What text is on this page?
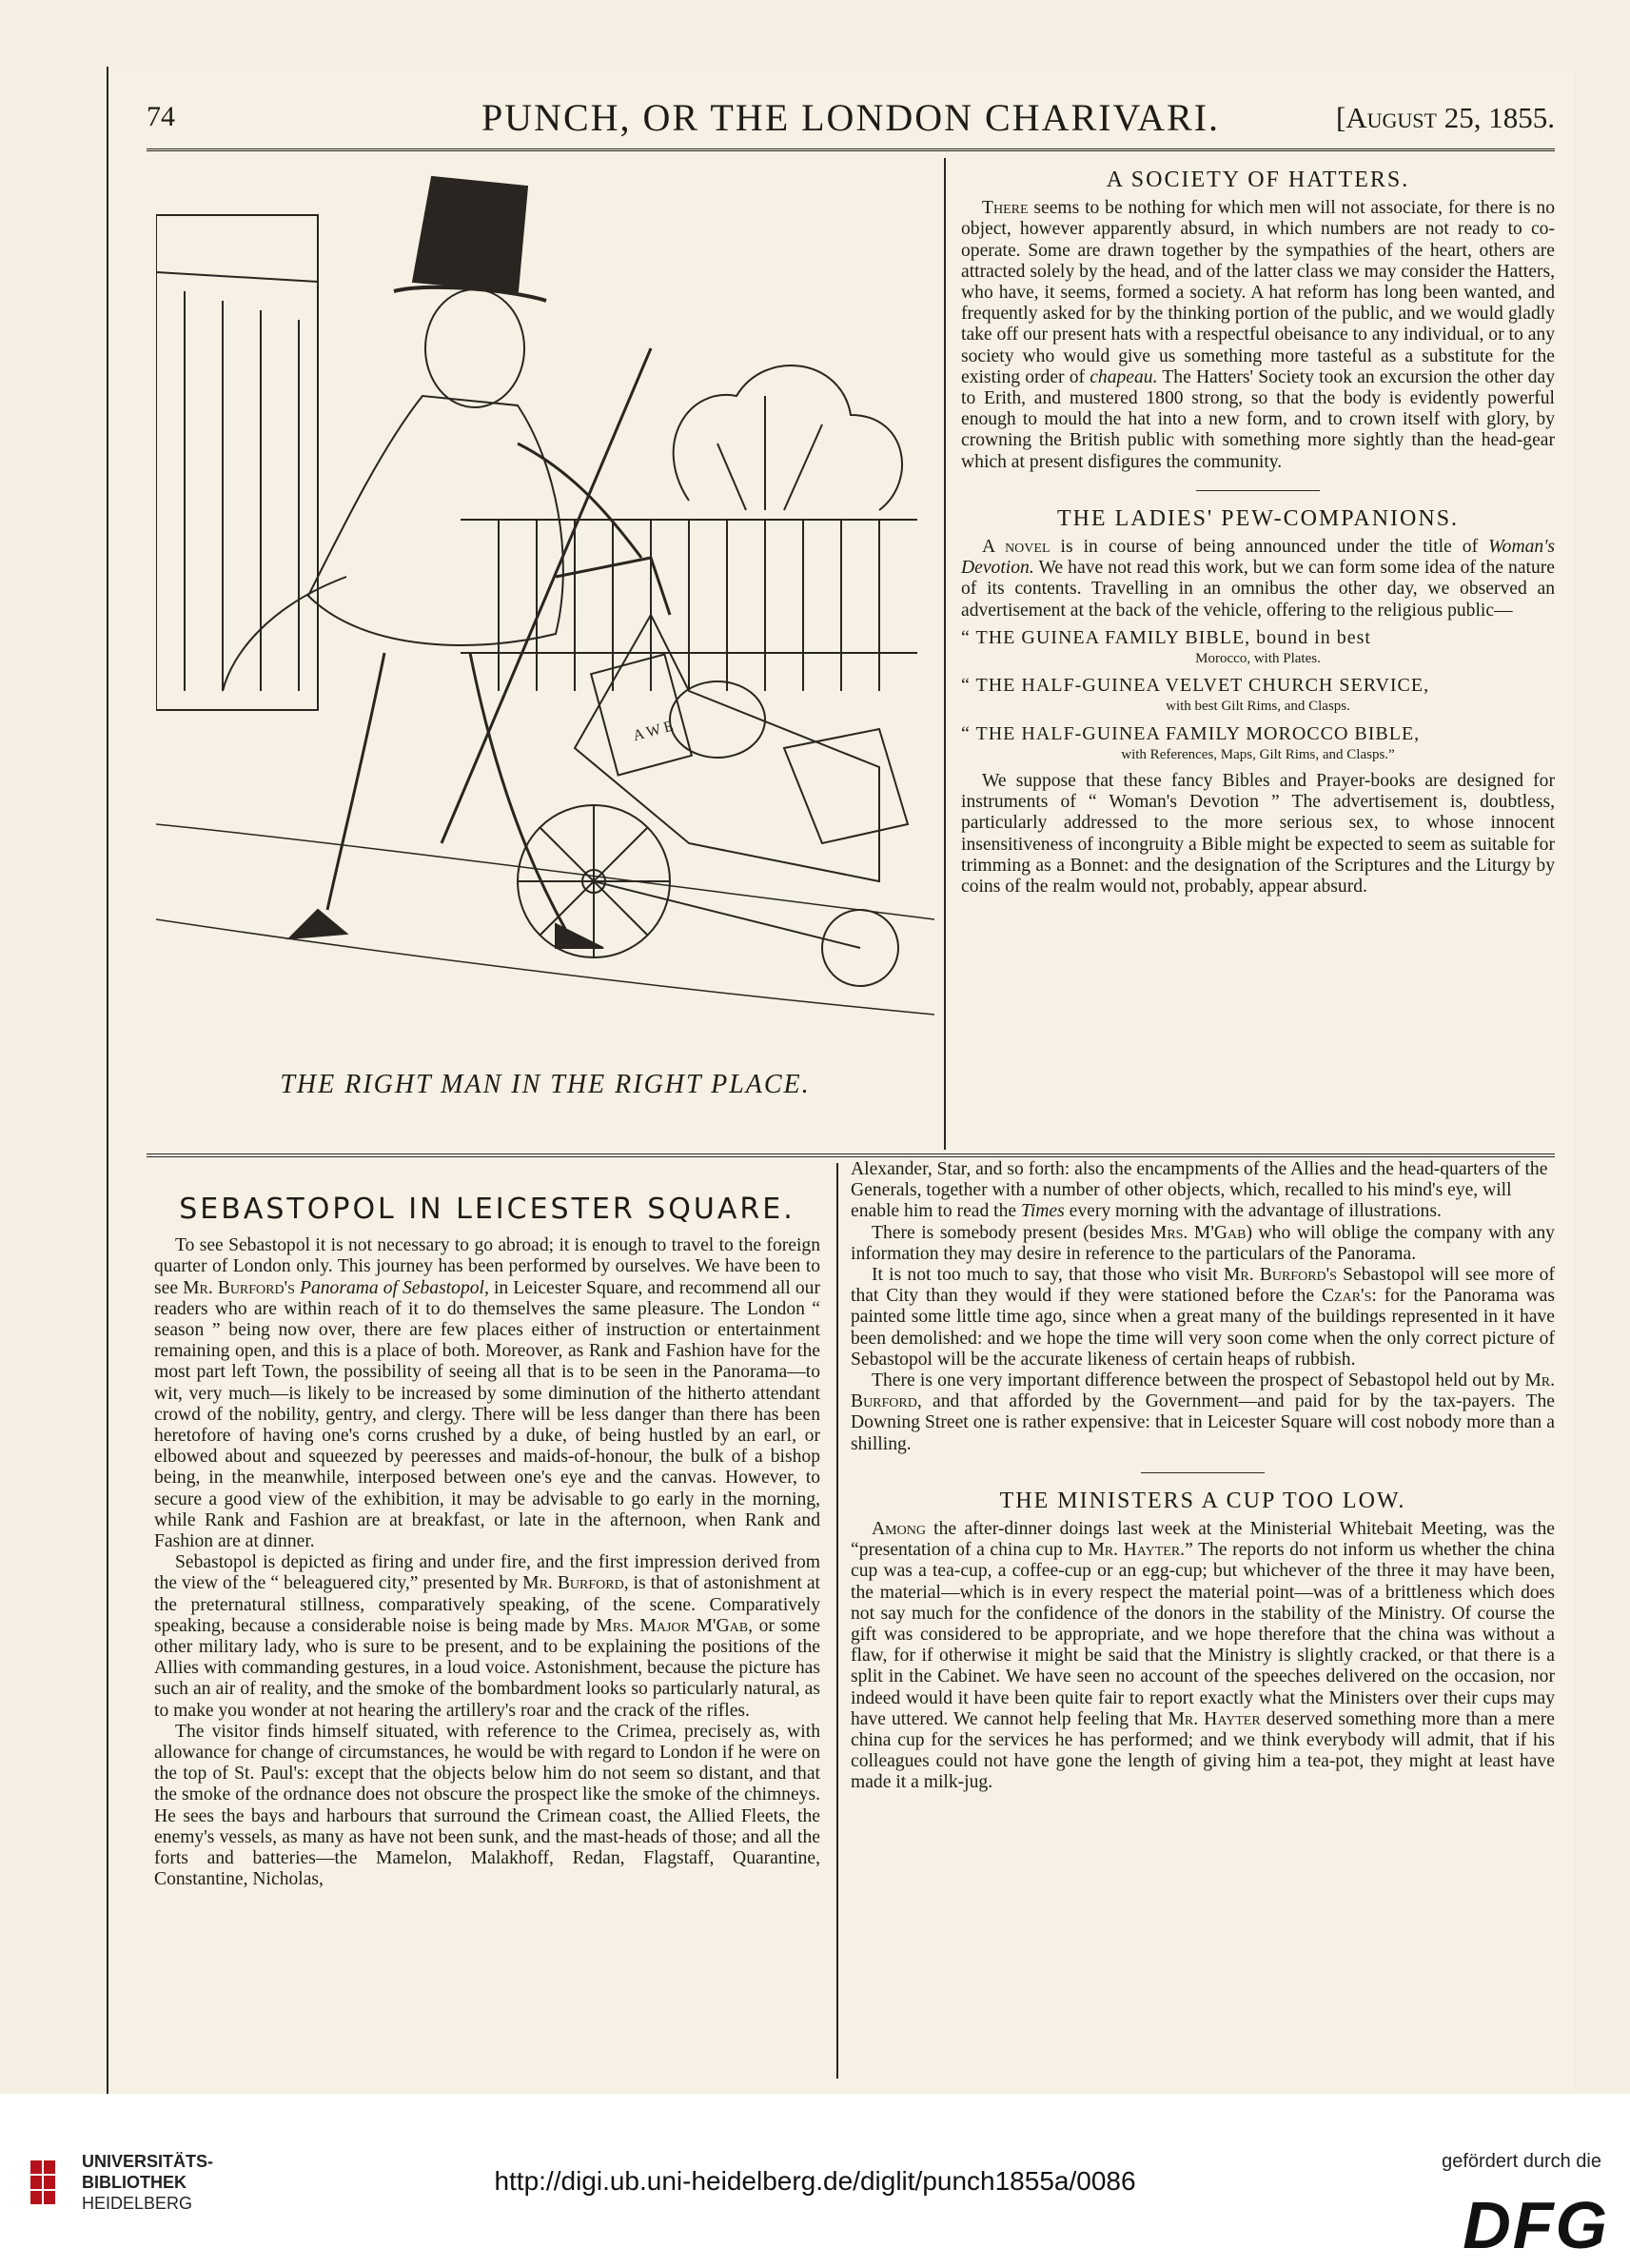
74	PUNCH, OR THE LONDON CHARIVARI.	[August 25, 1855.
A W E
THE RIGHT MAN IN THE RIGHT PLACE.
A SOCIETY OF HATTERS.

There seems to be nothing for which men will not associate, for there is no object, however apparently absurd, in which numbers are not ready to co-operate. Some are drawn together by the sympathies of the heart, others are attracted solely by the head, and of the latter class we may consider the Hatters, who have, it seems, formed a society. A hat reform has long been wanted, and frequently asked for by the thinking portion of the public, and we would gladly take off our present hats with a respectful obeisance to any individual, or to any society who would give us something more tasteful as a substitute for the existing order of chapeau. The Hatters' Society took an excursion the other day to Erith, and mustered 1800 strong, so that the body is evidently powerful enough to mould the hat into a new form, and to crown itself with glory, by crowning the British public with something more sightly than the head-gear which at present disfigures the community.

THE LADIES' PEW-COMPANIONS.

A novel is in course of being announced under the title of Woman's Devotion. We have not read this work, but we can form some idea of the nature of its contents. Travelling in an omnibus the other day, we observed an advertisement at the back of the vehicle, offering to the religious public—

“ THE GUINEA FAMILY BIBLE, bound in best
Morocco, with Plates.
“ THE HALF-GUINEA VELVET CHURCH SERVICE,
with best Gilt Rims, and Clasps.
“ THE HALF-GUINEA FAMILY MOROCCO BIBLE,
with References, Maps, Gilt Rims, and Clasps.”

We suppose that these fancy Bibles and Prayer-books are designed for instruments of “ Woman's Devotion ” The advertisement is, doubtless, particularly addressed to the more serious sex, to whose innocent insensitiveness of incongruity a Bible might be expected to seem as suitable for trimming as a Bonnet: and the designation of the Scriptures and the Liturgy by coins of the realm would not, probably, appear absurd.

SEBASTOPOL IN LEICESTER SQUARE.

To see Sebastopol it is not necessary to go abroad; it is enough to travel to the foreign quarter of London only. This journey has been performed by ourselves. We have been to see Mr. Burford's Panorama of Sebastopol, in Leicester Square, and recommend all our readers who are within reach of it to do themselves the same pleasure. The London “ season ” being now over, there are few places either of instruction or entertainment remaining open, and this is a place of both. Moreover, as Rank and Fashion have for the most part left Town, the possibility of seeing all that is to be seen in the Panorama—to wit, very much—is likely to be increased by some diminution of the hitherto attendant crowd of the nobility, gentry, and clergy. There will be less danger than there has been heretofore of having one's corns crushed by a duke, of being hustled by an earl, or elbowed about and squeezed by peeresses and maids-of-honour, the bulk of a bishop being, in the meanwhile, interposed between one's eye and the canvas. However, to secure a good view of the exhibition, it may be advisable to go early in the morning, while Rank and Fashion are at breakfast, or late in the afternoon, when Rank and Fashion are at dinner.

Sebastopol is depicted as firing and under fire, and the first impression derived from the view of the “ beleaguered city,” presented by Mr. Burford, is that of astonishment at the preternatural stillness, comparatively speaking, of the scene. Comparatively speaking, because a considerable noise is being made by Mrs. Major M'Gab, or some other military lady, who is sure to be present, and to be explaining the positions of the Allies with commanding gestures, in a loud voice. Astonishment, because the picture has such an air of reality, and the smoke of the bombardment looks so particularly natural, as to make you wonder at not hearing the artillery's roar and the crack of the rifles.

The visitor finds himself situated, with reference to the Crimea, precisely as, with allowance for change of circumstances, he would be with regard to London if he were on the top of St. Paul's: except that the objects below him do not seem so distant, and that the smoke of the ordnance does not obscure the prospect like the smoke of the chimneys. He sees the bays and harbours that surround the Crimean coast, the Allied Fleets, the enemy's vessels, as many as have not been sunk, and the mast-heads of those; and all the forts and batteries—the Mamelon, Malakhoff, Redan, Flagstaff, Quarantine, Constantine, Nicholas,

Alexander, Star, and so forth: also the encampments of the Allies and the head-quarters of the Generals, together with a number of other objects, which, recalled to his mind's eye, will enable him to read the Times every morning with the advantage of illustrations.

There is somebody present (besides Mrs. M'Gab) who will oblige the company with any information they may desire in reference to the particulars of the Panorama.

It is not too much to say, that those who visit Mr. Burford's Sebastopol will see more of that City than they would if they were stationed before the Czar's: for the Panorama was painted some little time ago, since when a great many of the buildings represented in it have been demolished: and we hope the time will very soon come when the only correct picture of Sebastopol will be the accurate likeness of certain heaps of rubbish.

There is one very important difference between the prospect of Sebastopol held out by Mr. Burford, and that afforded by the Government—and paid for by the tax-payers. The Downing Street one is rather expensive: that in Leicester Square will cost nobody more than a shilling.

THE MINISTERS A CUP TOO LOW.

Among the after-dinner doings last week at the Ministerial Whitebait Meeting, was the “presentation of a china cup to Mr. Hayter.” The reports do not inform us whether the china cup was a tea-cup, a coffee-cup or an egg-cup; but whichever of the three it may have been, the material—which is in every respect the material point—was of a brittleness which does not say much for the confidence of the donors in the stability of the Ministry. Of course the gift was considered to be appropriate, and we hope therefore that the china was without a flaw, for if otherwise it might be said that the Ministry is slightly cracked, or that there is a split in the Cabinet. We have seen no account of the speeches delivered on the occasion, nor indeed would it have been quite fair to report exactly what the Ministers over their cups may have uttered. We cannot help feeling that Mr. Hayter deserved something more than a mere china cup for the services he has performed; and we think everybody will admit, that if his colleagues could not have gone the length of giving him a tea-pot, they might at least have made it a milk-jug.

UNIVERSITÄTS-
BIBLIOTHEK
HEIDELBERG
http://digi.ub.uni-heidelberg.de/diglit/punch1855a/0086
gefördert durch die
DFG
